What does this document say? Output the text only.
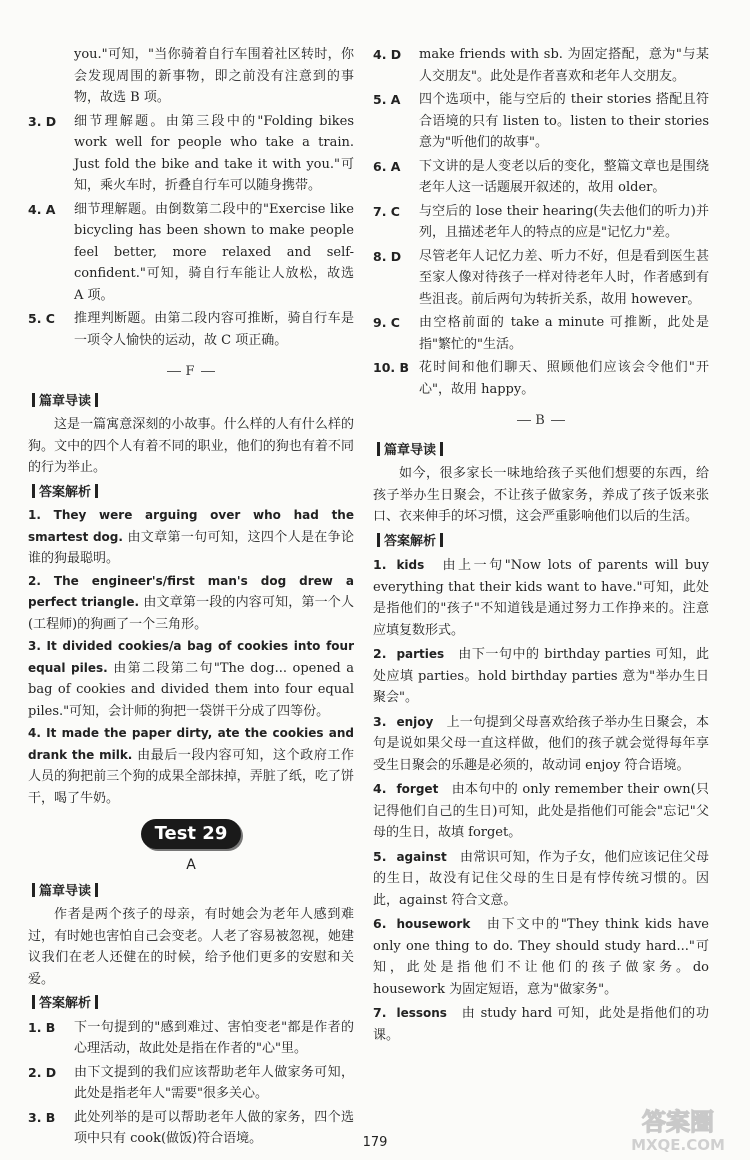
you."可知，"当你骑着自行车围着社区转时，你会发现周围的新事物，即之前没有注意到的事物，故选 B 项。
3. D 细节理解题。由第三段中的"Folding bikes work well for people who take a train. Just fold the bike and take it with you."可知，乘火车时，折叠自行车可以随身携带。
4. A 细节理解题。由倒数第二段中的"Exercise like bicycling has been shown to make people feel better, more relaxed and self-confident."可知，骑自行车能让人放松，故选 A 项。
5. C 推理判断题。由第二段内容可推断，骑自行车是一项令人愉快的运动，故 C 项正确。
F
篇章导读
这是一篇寓意深刻的小故事。什么样的人有什么样的狗。文中的四个人有着不同的职业，他们的狗也有着不同的行为举止。
答案解析
1. They were arguing over who had the smartest dog. 由文章第一句可知，这四个人是在争论谁的狗最聪明。
2. The engineer's/first man's dog drew a perfect triangle. 由文章第一段的内容可知，第一个人(工程师)的狗画了一个三角形。
3. It divided cookies/a bag of cookies into four equal piles. 由第二段第二句"The dog... opened a bag of cookies and divided them into four equal piles."可知，会计师的狗把一袋饼干分成了四等份。
4. It made the paper dirty, ate the cookies and drank the milk. 由最后一段内容可知，这个政府工作人员的狗把前三个狗的成果全部抹掉，弄脏了纸，吃了饼干，喝了牛奶。
Test 29
A
篇章导读
作者是两个孩子的母亲，有时她会为老年人感到难过，有时她也害怕自己会变老。人老了容易被忽视，她建议我们在老人还健在的时候，给予他们更多的安慰和关爱。
答案解析
1. B 下一句提到的"感到难过、害怕变老"都是作者的心理活动，故此处是指在作者的"心"里。
2. D 由下文提到的我们应该帮助老年人做家务可知，此处是指老年人"需要"很多关心。
3. B 此处列举的是可以帮助老年人做的家务，四个选项中只有 cook(做饭)符合语境。
4. D make friends with sb. 为固定搭配，意为"与某人交朋友"。此处是作者喜欢和老年人交朋友。
5. A 四个选项中，能与空后的 their stories 搭配且符合语境的只有 listen to。listen to their stories 意为"听他们的故事"。
6. A 下文讲的是人变老以后的变化，整篇文章也是围绕老年人这一话题展开叙述的，故用 older。
7. C 与空后的 lose their hearing(失去他们的听力)并列，且描述老年人的特点的应是"记忆力"差。
8. D 尽管老年人记忆力差、听力不好，但是看到医生甚至家人像对待孩子一样对待老年人时，作者感到有些沮丧。前后两句为转折关系，故用 however。
9. C 由空格前面的 take a minute 可推断，此处是指"繁忙的"生活。
10. B 花时间和他们聊天、照顾他们应该会令他们"开心"，故用 happy。
B
篇章导读
如今，很多家长一味地给孩子买他们想要的东西，给孩子举办生日聚会，不让孩子做家务，养成了孩子饭来张口、衣来伸手的坏习惯，这会严重影响他们以后的生活。
答案解析
1. kids　 由上一句"Now lots of parents will buy everything that their kids want to have."可知，此处是指他们的"孩子"不知道钱是通过努力工作挣来的。注意应填复数形式。
2. parties　 由下一句中的 birthday parties 可知，此处应填 parties。hold birthday parties 意为"举办生日聚会"。
3. enjoy　 上一句提到父母喜欢给孩子举办生日聚会，本句是说如果父母一直这样做，他们的孩子就会觉得每年享受生日聚会的乐趣是必须的，故动词 enjoy 符合语境。
4. forget　 由本句中的 only remember their own(只记得他们自己的生日)可知，此处是指他们可能会"忘记"父母的生日，故填 forget。
5. against　 由常识可知，作为子女，他们应该记住父母的生日，故没有记住父母的生日是有悖传统习惯的。因此，against 符合文意。
6. housework　 由下文中的"They think kids have only one thing to do. They should study hard..."可知，此处是指他们不让他们的孩子做家务。do housework 为固定短语，意为"做家务"。
7. lessons　 由 study hard 可知，此处是指他们的功课。
179
答案圈
MXQE.COM
